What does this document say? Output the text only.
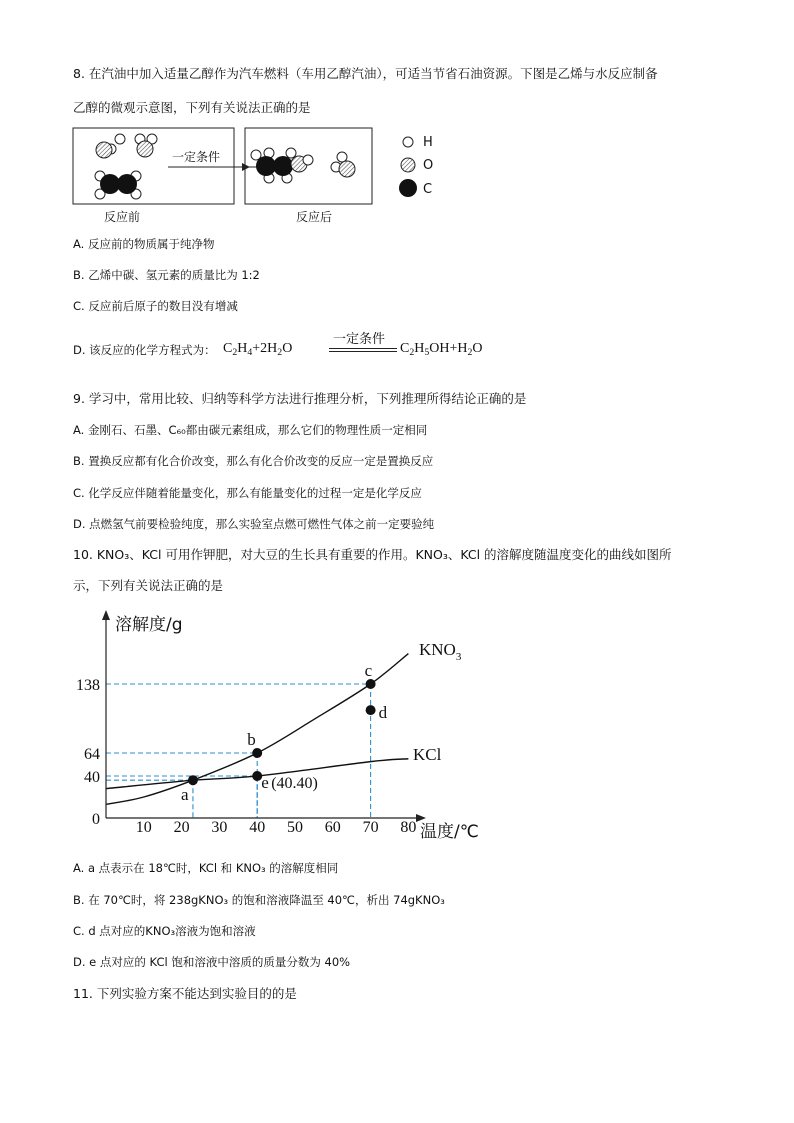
8. 在汽油中加入适量乙醇作为汽车燃料（车用乙醇汽油），可适当节省石油资源。下图是乙烯与水反应制备
乙醇的微观示意图，下列有关说法正确的是
一定条件
反应前	反应后
H
O
C
A. 反应前的物质属于纯净物
B. 乙烯中碳、氢元素的质量比为 1:2
C. 反应前后原子的数目没有增减
D. 该反应的化学方程式为： $C_2H_4+2H_2O$
一定条件
$C_2H_5OH+H_2O$
9. 学习中，常用比较、归纳等科学方法进行推理分析，下列推理所得结论正确的是
A. 金刚石、石墨、C₆₀都由碳元素组成，那么它们的物理性质一定相同
B. 置换反应都有化合价改变，那么有化合价改变的反应一定是置换反应
C. 化学反应伴随着能量变化，那么有能量变化的过程一定是化学反应
D. 点燃氢气前要检验纯度，那么实验室点燃可燃性气体之前一定要验纯
10. KNO₃、KCl 可用作钾肥，对大豆的生长具有重要的作用。KNO₃、KCl 的溶解度随温度变化的曲线如图所
示，下列有关说法正确的是
a
b
c
d
e (40.40)
溶解度/g
温度/℃
10 20 30 40 50 60 70 80
0
40
64
138
$KNO_3$
KCl
A. a 点表示在 18℃时，KCl 和 KNO₃ 的溶解度相同
B. 在 70℃时，将 238gKNO₃ 的饱和溶液降温至 40℃，析出 74gKNO₃
C. d 点对应的KNO₃溶液为饱和溶液
D. e 点对应的 KCl 饱和溶液中溶质的质量分数为 40%
11. 下列实验方案不能达到实验目的的是
